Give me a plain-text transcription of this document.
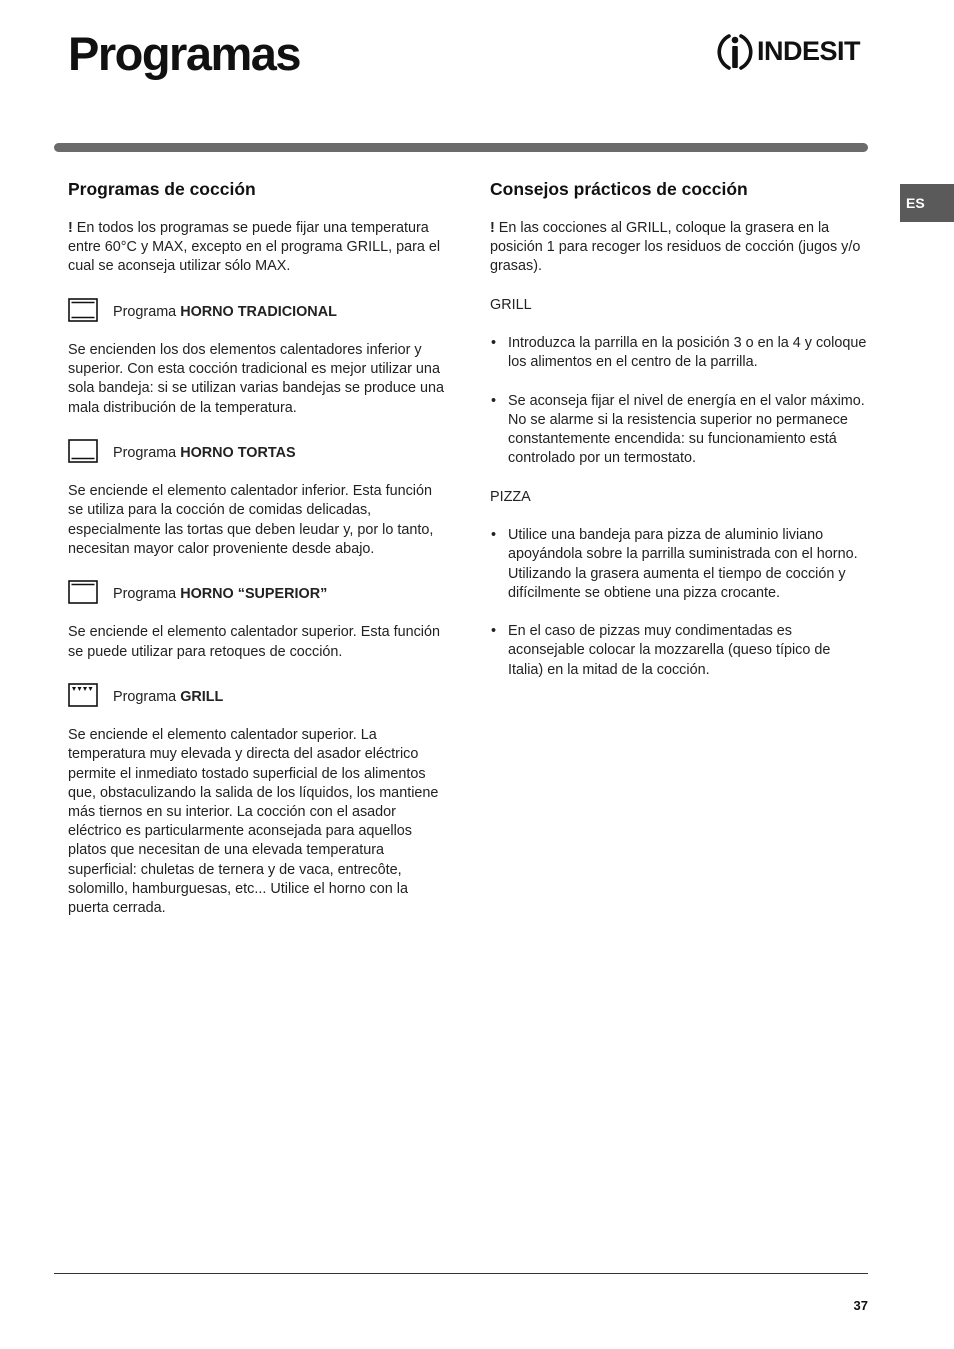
Programas	INDESIT
ES
Programas de cocción

! En todos los programas se puede fijar una temperatura entre 60°C y MAX, excepto en el programa GRILL, para el cual se aconseja utilizar sólo MAX.

Programa HORNO TRADICIONAL

Se encienden los dos elementos calentadores inferior y superior. Con esta cocción tradicional es mejor utilizar una sola bandeja: si se utilizan varias bandejas se produce una mala distribución de la temperatura.

Programa HORNO TORTAS

Se enciende el elemento calentador inferior. Esta función se utiliza para la cocción de comidas delicadas, especialmente las tortas que deben leudar y, por lo tanto, necesitan mayor calor proveniente desde abajo.

Programa HORNO “SUPERIOR”

Se enciende el elemento calentador superior. Esta función se puede utilizar para retoques de cocción.

Programa GRILL

Se enciende el elemento calentador superior. La temperatura muy elevada y directa del asador eléctrico permite el inmediato tostado superficial de los alimentos que, obstaculizando la salida de los líquidos, los mantiene más tiernos en su interior. La cocción con el asador eléctrico es particularmente aconsejada para aquellos platos que necesitan de una elevada temperatura superficial: chuletas de ternera y de vaca, entrecôte, solomillo, hamburguesas, etc... Utilice el horno con la puerta cerrada.

Consejos prácticos de cocción

! En las cocciones al GRILL, coloque la grasera en la posición 1 para recoger los residuos de cocción (jugos y/o grasas).

GRILL

• Introduzca la parrilla en la posición 3 o en la 4 y coloque los alimentos en el centro de la parrilla.
• Se aconseja fijar el nivel de energía en el valor máximo. No se alarme si la resistencia superior no permanece constantemente encendida: su funcionamiento está controlado por un termostato.

PIZZA

• Utilice una bandeja para pizza de aluminio liviano apoyándola sobre la parrilla suministrada con el horno.
Utilizando la grasera aumenta el tiempo de cocción y difícilmente se obtiene una pizza crocante.
• En el caso de pizzas muy condimentadas es aconsejable colocar la mozzarella (queso típico de Italia) en la mitad de la cocción.
37
